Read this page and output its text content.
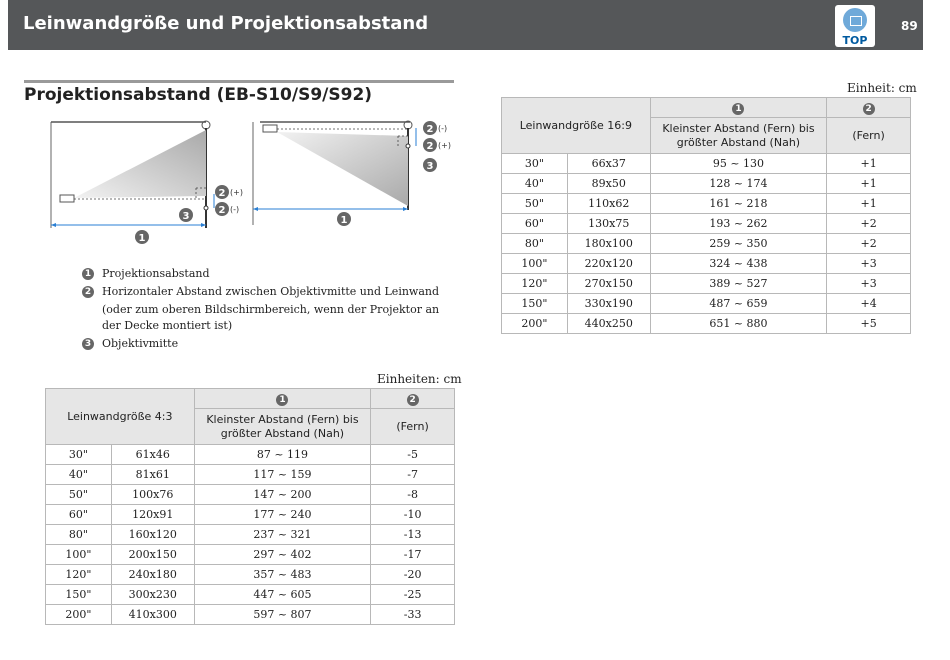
Leinwandgröße und Projektionsabstand
TOP
89
Projektionsabstand (EB-S10/S9/S92)
2 (+)
2 (-)
3
1
2 (-)
2 (+)
3
1
1 Projektionsabstand
2 Horizontaler Abstand zwischen Objektivmitte und Leinwand
(oder zum oberen Bildschirmbereich, wenn der Projektor an der Decke montiert ist)
3 Objektivmitte
Einheiten: cm
Leinwandgröße 4:3		1	2
		Kleinster Abstand (Fern) bis größter Abstand (Nah)	(Fern)
30"	61x46	87 ~ 119	-5
40"	81x61	117 ~ 159	-7
50"	100x76	147 ~ 200	-8
60"	120x91	177 ~ 240	-10
80"	160x120	237 ~ 321	-13
100"	200x150	297 ~ 402	-17
120"	240x180	357 ~ 483	-20
150"	300x230	447 ~ 605	-25
200"	410x300	597 ~ 807	-33
Einheit: cm
Leinwandgröße 16:9		1	2
		Kleinster Abstand (Fern) bis größter Abstand (Nah)	(Fern)
30"	66x37	95 ~ 130	+1
40"	89x50	128 ~ 174	+1
50"	110x62	161 ~ 218	+1
60"	130x75	193 ~ 262	+2
80"	180x100	259 ~ 350	+2
100"	220x120	324 ~ 438	+3
120"	270x150	389 ~ 527	+3
150"	330x190	487 ~ 659	+4
200"	440x250	651 ~ 880	+5
